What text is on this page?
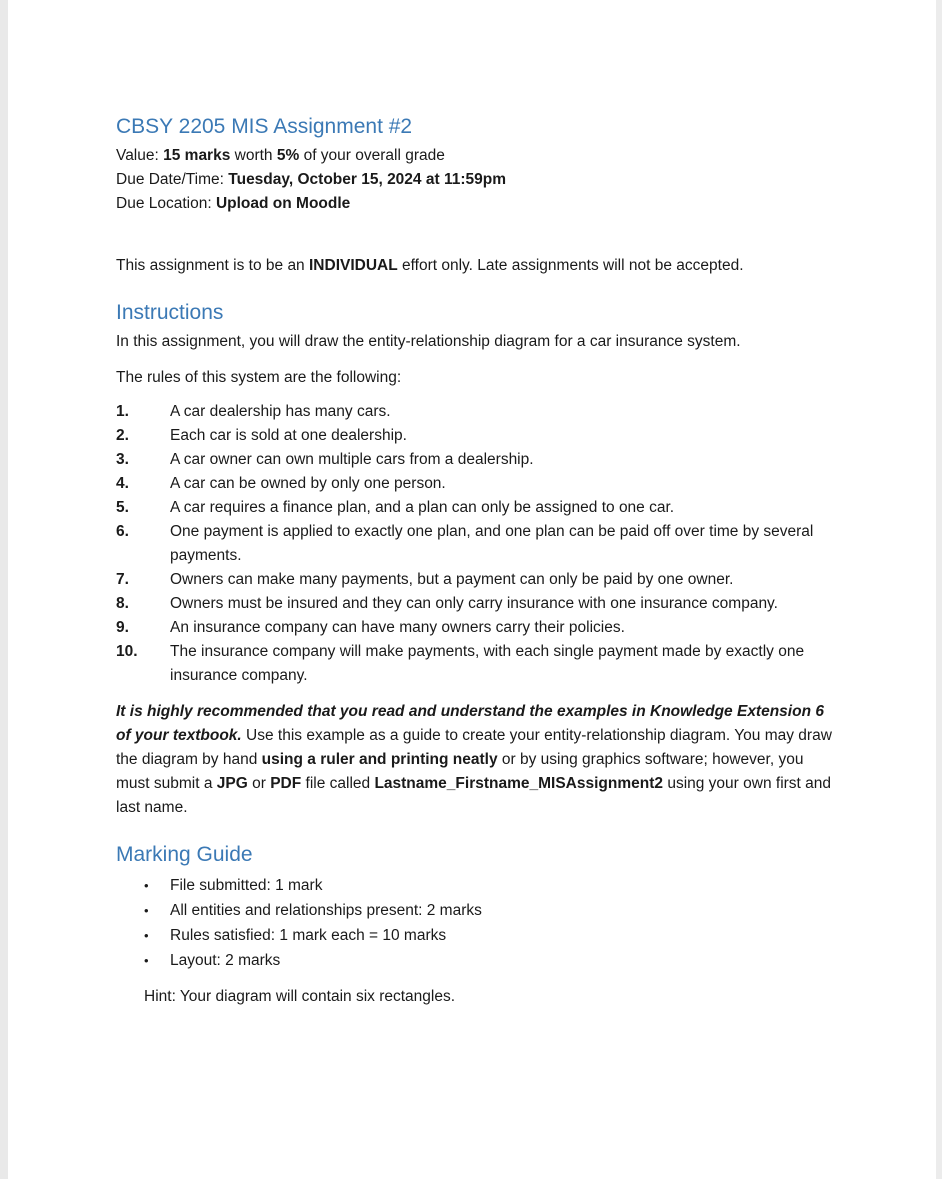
CBSY 2205 MIS Assignment #2

Value: 15 marks worth 5% of your overall grade

Due Date/Time: Tuesday, October 15, 2024 at 11:59pm

Due Location: Upload on Moodle

This assignment is to be an INDIVIDUAL effort only. Late assignments will not be accepted.

Instructions

In this assignment, you will draw the entity-relationship diagram for a car insurance system.

The rules of this system are the following:

1.	A car dealership has many cars.
2.	Each car is sold at one dealership.
3.	A car owner can own multiple cars from a dealership.
4.	A car can be owned by only one person.
5.	A car requires a finance plan, and a plan can only be assigned to one car.
6.	One payment is applied to exactly one plan, and one plan can be paid off over time by several payments.
7.	Owners can make many payments, but a payment can only be paid by one owner.
8.	Owners must be insured and they can only carry insurance with one insurance company.
9.	An insurance company can have many owners carry their policies.
10.	The insurance company will make payments, with each single payment made by exactly one insurance company.

It is highly recommended that you read and understand the examples in Knowledge Extension 6 of your textbook. Use this example as a guide to create your entity-relationship diagram. You may draw the diagram by hand using a ruler and printing neatly or by using graphics software; however, you must submit a JPG or PDF file called Lastname_Firstname_MISAssignment2 using your own first and last name.

Marking Guide
•	File submitted: 1 mark
•	All entities and relationships present: 2 marks
•	Rules satisfied: 1 mark each = 10 marks
•	Layout: 2 marks

Hint: Your diagram will contain six rectangles.
